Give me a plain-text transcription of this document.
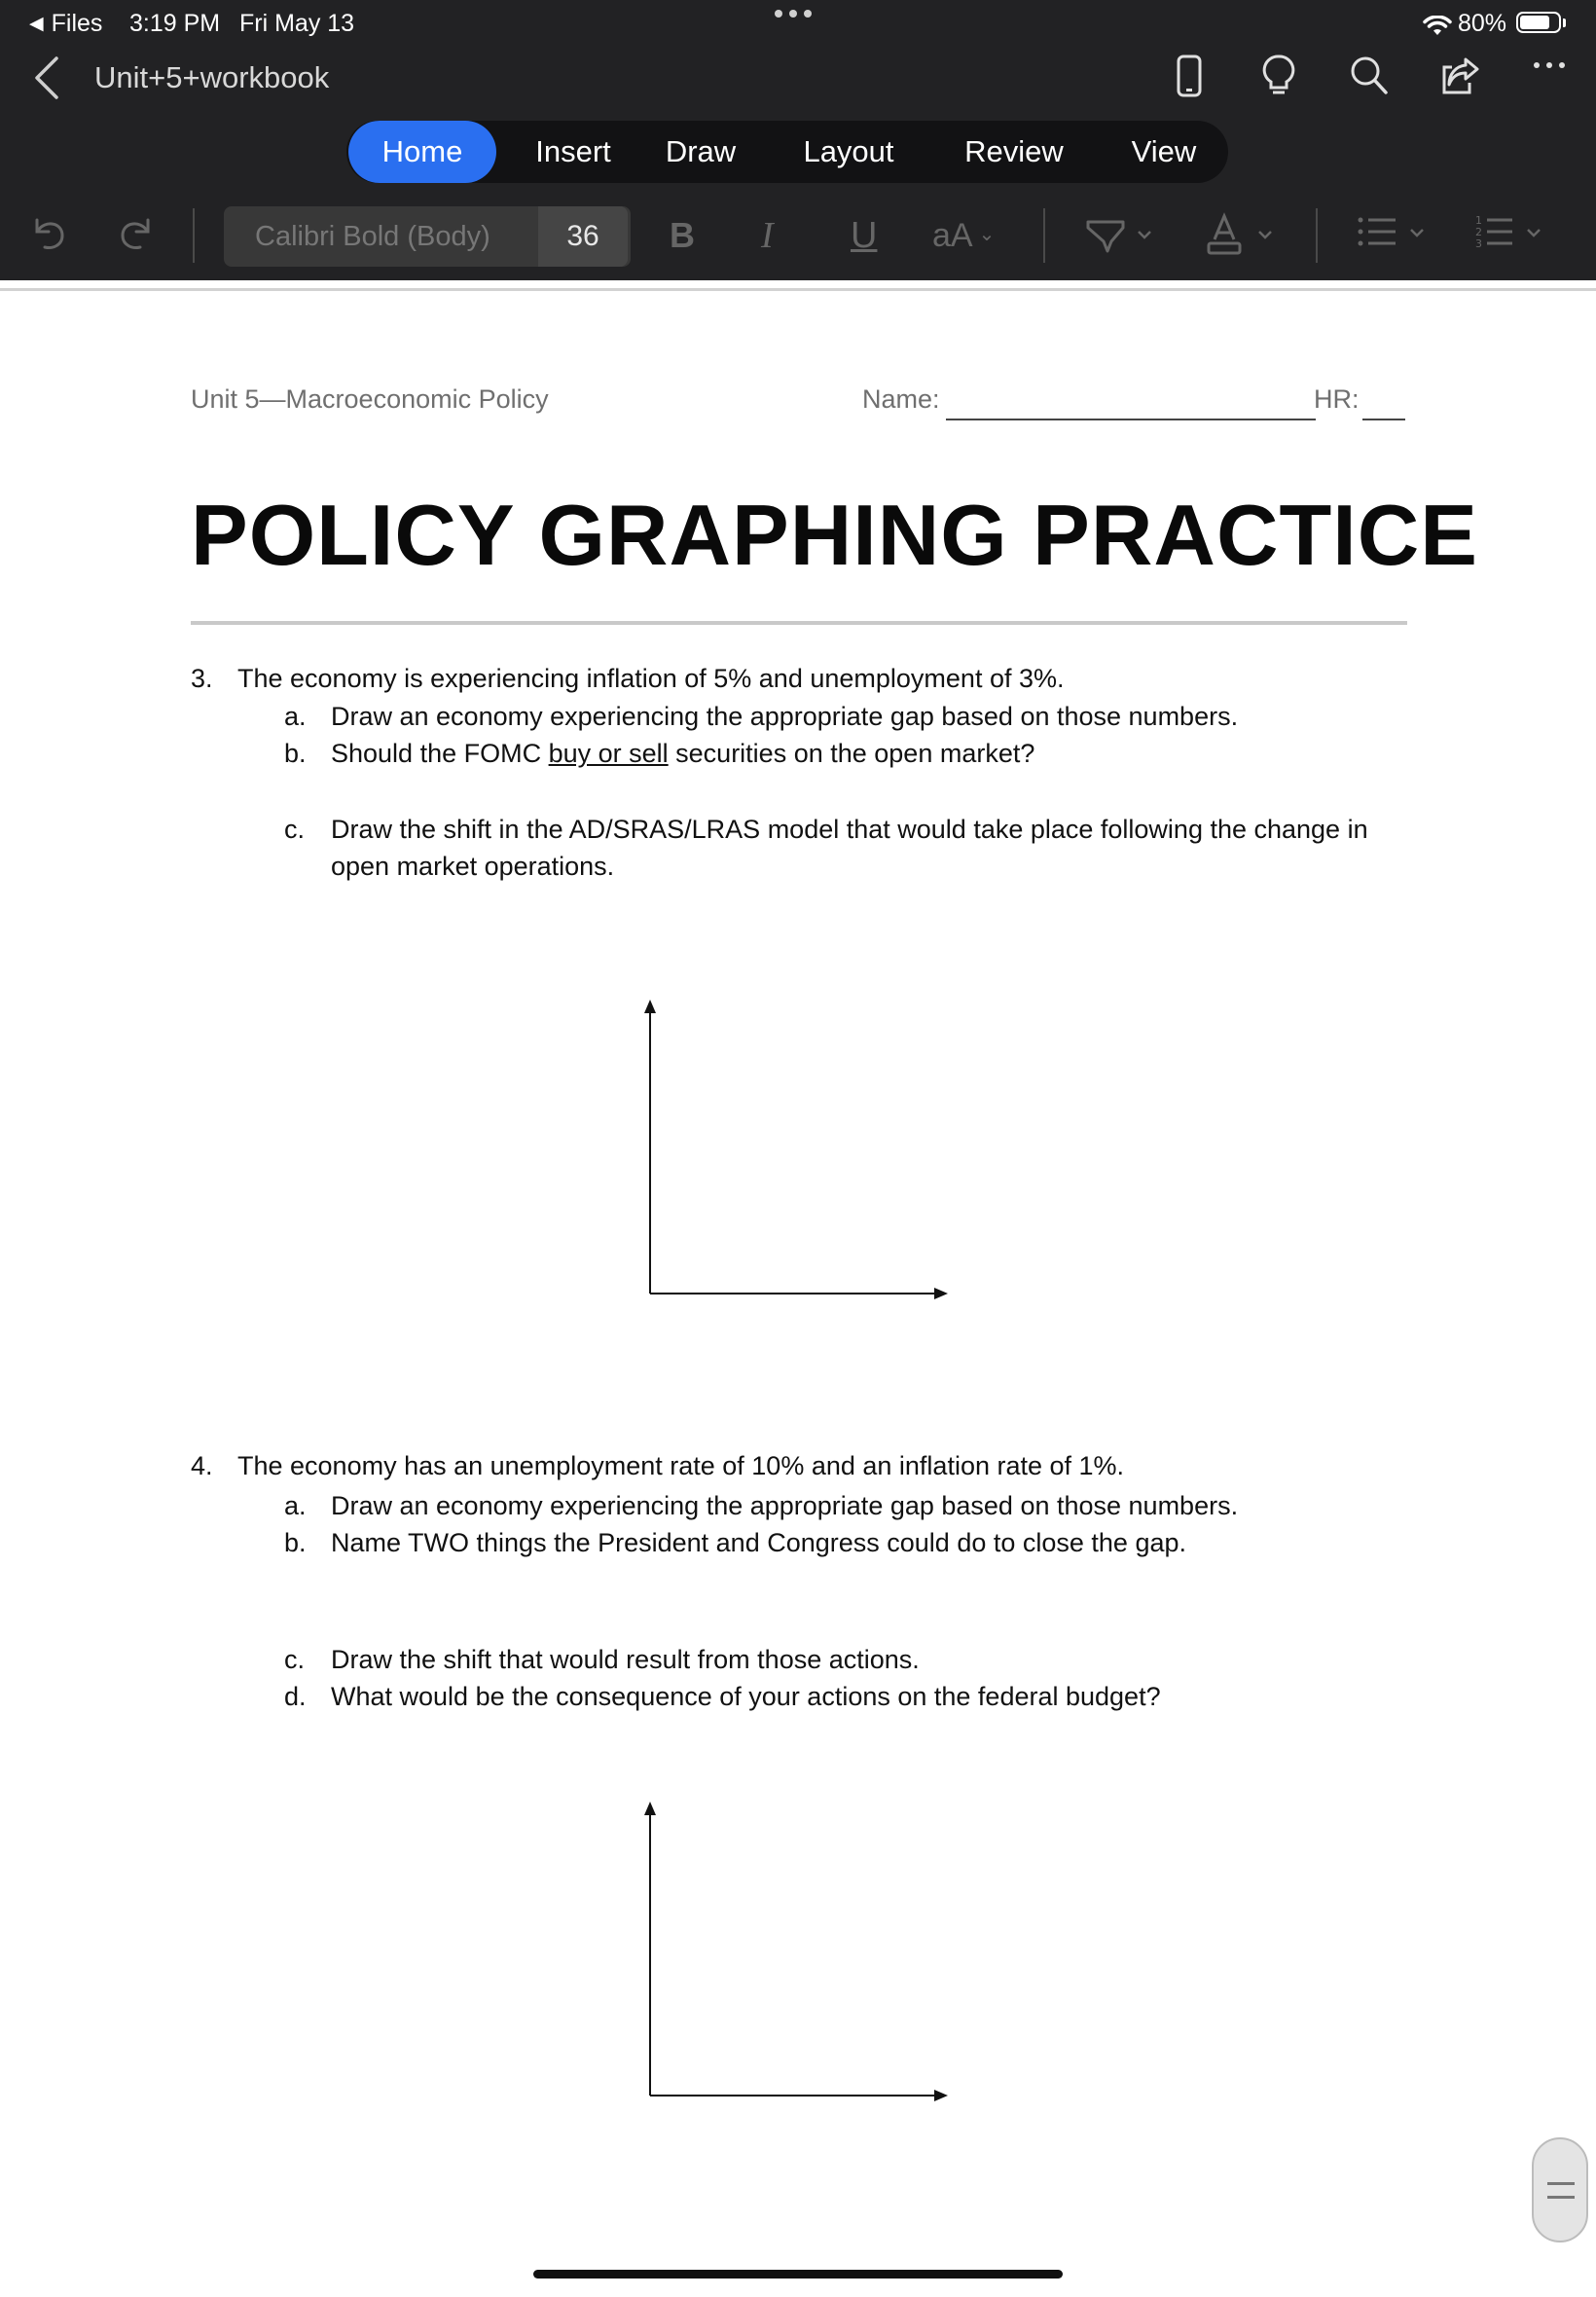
◀ Files 3:19 PM Fri May 13	80%
Unit+5+workbook
Home	Insert	Draw	Layout	Review	View
Calibri Bold (Body)	36	B I U aA ⌄
1
2
3
Unit 5—Macroeconomic Policy	Name:	HR:
POLICY GRAPHING PRACTICE
3. The economy is experiencing inflation of 5% and unemployment of 3%.
a. Draw an economy experiencing the appropriate gap based on those numbers.
b. Should the FOMC buy or sell securities on the open market?
c. Draw the shift in the AD/SRAS/LRAS model that would take place following the change in
open market operations.
4. The economy has an unemployment rate of 10% and an inflation rate of 1%.
a. Draw an economy experiencing the appropriate gap based on those numbers.
b. Name TWO things the President and Congress could do to close the gap.
c. Draw the shift that would result from those actions.
d. What would be the consequence of your actions on the federal budget?
